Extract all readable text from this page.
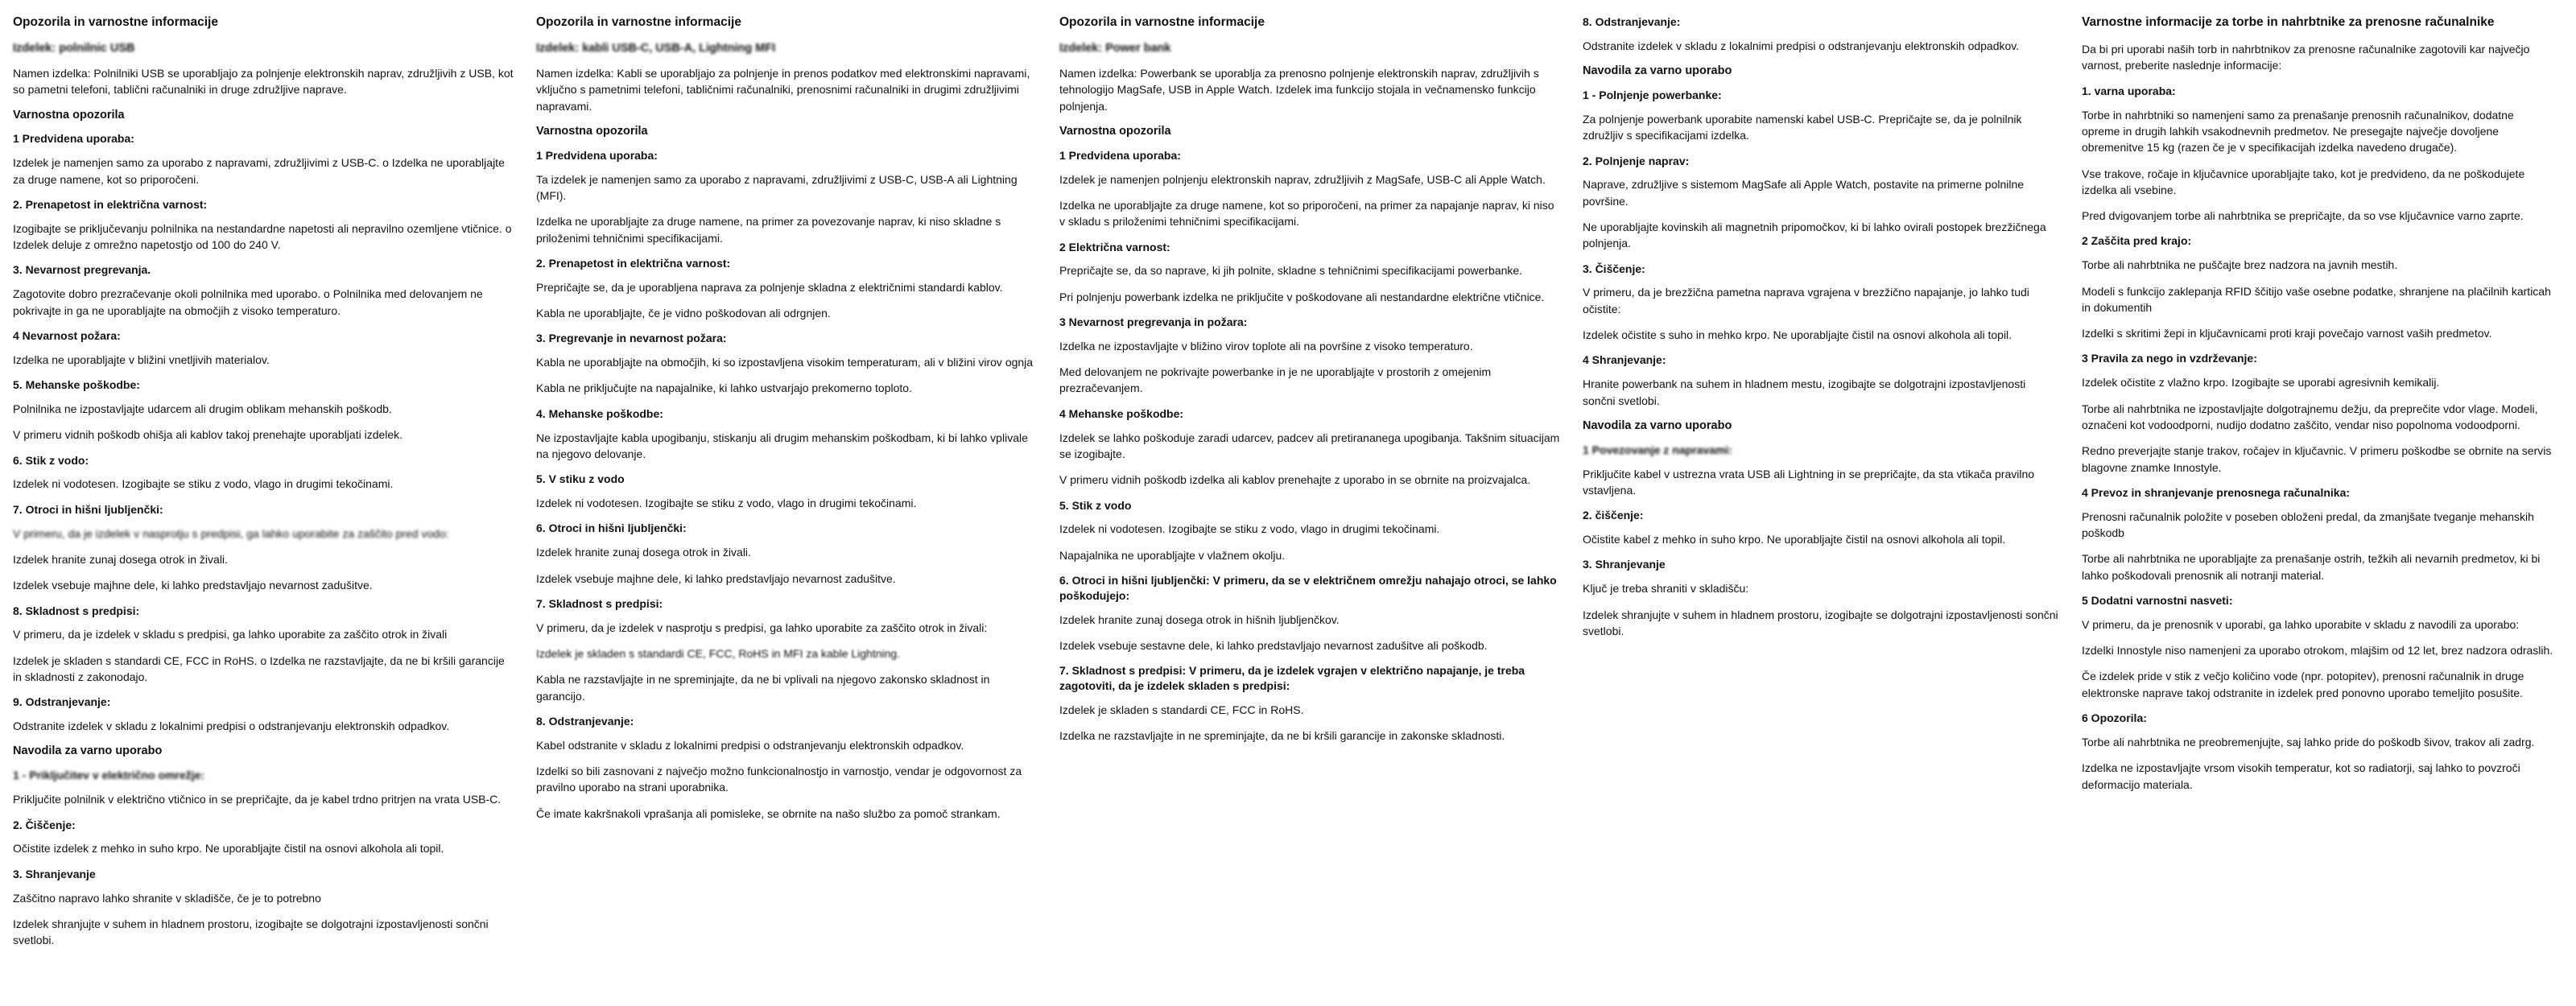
Opozorila in varnostne informacije
Izdelek: polnilnic USB

Namen izdelka: Polnilniki USB se uporabljajo za polnjenje elektronskih naprav, združljivih z USB, kot so pametni telefoni, tablični računalniki in druge združljive naprave.

Varnostna opozorila
1 Predvidena uporaba:

Izdelek je namenjen samo za uporabo z napravami, združljivimi z USB-C. o Izdelka ne uporabljajte za druge namene, kot so priporočeni.

2. Prenapetost in električna varnost:

Izogibajte se priključevanju polnilnika na nestandardne napetosti ali nepravilno ozemljene vtičnice. o Izdelek deluje z omrežno napetostjo od 100 do 240 V.

3. Nevarnost pregrevanja.

Zagotovite dobro prezračevanje okoli polnilnika med uporabo. o Polnilnika med delovanjem ne pokrivajte in ga ne uporabljajte na območjih z visoko temperaturo.

4 Nevarnost požara:

Izdelka ne uporabljajte v bližini vnetljivih materialov.

5. Mehanske poškodbe:

Polnilnika ne izpostavljajte udarcem ali drugim oblikam mehanskih poškodb.

V primeru vidnih poškodb ohišja ali kablov takoj prenehajte uporabljati izdelek.

6. Stik z vodo:

Izdelek ni vodotesen. Izogibajte se stiku z vodo, vlago in drugimi tekočinami.

7. Otroci in hišni ljubljenčki:

V primeru, da je izdelek v nasprotju s predpisi, ga lahko uporabite za zaščito pred vodo:

Izdelek hranite zunaj dosega otrok in živali.

Izdelek vsebuje majhne dele, ki lahko predstavljajo nevarnost zadušitve.

8. Skladnost s predpisi:

V primeru, da je izdelek v skladu s predpisi, ga lahko uporabite za zaščito otrok in živali

Izdelek je skladen s standardi CE, FCC in RoHS. o Izdelka ne razstavljajte, da ne bi kršili garancije in skladnosti z zakonodajo.

9. Odstranjevanje:

Odstranite izdelek v skladu z lokalnimi predpisi o odstranjevanju elektronskih odpadkov.

Navodila za varno uporabo
1 - Priključitev v električno omrežje:

Priključite polnilnik v električno vtičnico in se prepričajte, da je kabel trdno pritrjen na vrata USB-C.

2. Čiščenje:

Očistite izdelek z mehko in suho krpo. Ne uporabljajte čistil na osnovi alkohola ali topil.

3. Shranjevanje

Zaščitno napravo lahko shranite v skladišče, če je to potrebno

Izdelek shranjujte v suhem in hladnem prostoru, izogibajte se dolgotrajni izpostavljenosti sončni svetlobi.

Opozorila in varnostne informacije
Izdelek: kabli USB-C, USB-A, Lightning MFI

Namen izdelka: Kabli se uporabljajo za polnjenje in prenos podatkov med elektronskimi napravami, vključno s pametnimi telefoni, tabličnimi računalniki, prenosnimi računalniki in drugimi združljivimi napravami.

Varnostna opozorila
1 Predvidena uporaba:

Ta izdelek je namenjen samo za uporabo z napravami, združljivimi z USB-C, USB-A ali Lightning (MFI).

Izdelka ne uporabljajte za druge namene, na primer za povezovanje naprav, ki niso skladne s priloženimi tehničnimi specifikacijami.

2. Prenapetost in električna varnost:

Prepričajte se, da je uporabljena naprava za polnjenje skladna z električnimi standardi kablov.

Kabla ne uporabljajte, če je vidno poškodovan ali odrgnjen.

3. Pregrevanje in nevarnost požara:

Kabla ne uporabljajte na območjih, ki so izpostavljena visokim temperaturam, ali v bližini virov ognja

Kabla ne priključujte na napajalnike, ki lahko ustvarjajo prekomerno toploto.

4. Mehanske poškodbe:

Ne izpostavljajte kabla upogibanju, stiskanju ali drugim mehanskim poškodbam, ki bi lahko vplivale na njegovo delovanje.

5. V stiku z vodo

Izdelek ni vodotesen. Izogibajte se stiku z vodo, vlago in drugimi tekočinami.

6. Otroci in hišni ljubljenčki:

Izdelek hranite zunaj dosega otrok in živali.

Izdelek vsebuje majhne dele, ki lahko predstavljajo nevarnost zadušitve.

7. Skladnost s predpisi:

V primeru, da je izdelek v nasprotju s predpisi, ga lahko uporabite za zaščito otrok in živali:

Izdelek je skladen s standardi CE, FCC, RoHS in MFI za kable Lightning.

Kabla ne razstavljajte in ne spreminjajte, da ne bi vplivali na njegovo zakonsko skladnost in garancijo.

8. Odstranjevanje:

Kabel odstranite v skladu z lokalnimi predpisi o odstranjevanju elektronskih odpadkov.

Izdelki so bili zasnovani z največjo možno funkcionalnostjo in varnostjo, vendar je odgovornost za pravilno uporabo na strani uporabnika.

Če imate kakršnakoli vprašanja ali pomisleke, se obrnite na našo službo za pomoč strankam.

Opozorila in varnostne informacije
Izdelek: Power bank

Namen izdelka: Powerbank se uporablja za prenosno polnjenje elektronskih naprav, združljivih s tehnologijo MagSafe, USB in Apple Watch. Izdelek ima funkcijo stojala in večnamensko funkcijo polnjenja.

Varnostna opozorila
1 Predvidena uporaba:

Izdelek je namenjen polnjenju elektronskih naprav, združljivih z MagSafe, USB-C ali Apple Watch.

Izdelka ne uporabljajte za druge namene, kot so priporočeni, na primer za napajanje naprav, ki niso v skladu s priloženimi tehničnimi specifikacijami.

2 Električna varnost:

Prepričajte se, da so naprave, ki jih polnite, skladne s tehničnimi specifikacijami powerbanke.

Pri polnjenju powerbank izdelka ne priključite v poškodovane ali nestandardne električne vtičnice.

3 Nevarnost pregrevanja in požara:

Izdelka ne izpostavljajte v bližino virov toplote ali na površine z visoko temperaturo.

Med delovanjem ne pokrivajte powerbanke in je ne uporabljajte v prostorih z omejenim prezračevanjem.

4 Mehanske poškodbe:

Izdelek se lahko poškoduje zaradi udarcev, padcev ali pretirananega upogibanja. Takšnim situacijam se izogibajte.

V primeru vidnih poškodb izdelka ali kablov prenehajte z uporabo in se obrnite na proizvajalca.

5. Stik z vodo

Izdelek ni vodotesen. Izogibajte se stiku z vodo, vlago in drugimi tekočinami.

Napajalnika ne uporabljajte v vlažnem okolju.

6. Otroci in hišni ljubljenčki: V primeru, da se v električnem omrežju nahajajo otroci, se lahko poškodujejo:

Izdelek hranite zunaj dosega otrok in hišnih ljubljenčkov.

Izdelek vsebuje sestavne dele, ki lahko predstavljajo nevarnost zadušitve ali poškodb.

7. Skladnost s predpisi: V primeru, da je izdelek vgrajen v električno napajanje, je treba zagotoviti, da je izdelek skladen s predpisi:

Izdelek je skladen s standardi CE, FCC in RoHS.

Izdelka ne razstavljajte in ne spreminjajte, da ne bi kršili garancije in zakonske skladnosti.

8. Odstranjevanje:

Odstranite izdelek v skladu z lokalnimi predpisi o odstranjevanju elektronskih odpadkov.

Navodila za varno uporabo
1 - Polnjenje powerbanke:

Za polnjenje powerbank uporabite namenski kabel USB-C. Prepričajte se, da je polnilnik združljiv s specifikacijami izdelka.

2. Polnjenje naprav:

Naprave, združljive s sistemom MagSafe ali Apple Watch, postavite na primerne polnilne površine.

Ne uporabljajte kovinskih ali magnetnih pripomočkov, ki bi lahko ovirali postopek brezžičnega polnjenja.

3. Čiščenje:

V primeru, da je brezžična pametna naprava vgrajena v brezžično napajanje, jo lahko tudi očistite:

Izdelek očistite s suho in mehko krpo. Ne uporabljajte čistil na osnovi alkohola ali topil.

4 Shranjevanje:

Hranite powerbank na suhem in hladnem mestu, izogibajte se dolgotrajni izpostavljenosti sončni svetlobi.

Navodila za varno uporabo
1 Povezovanje z napravami:

Priključite kabel v ustrezna vrata USB ali Lightning in se prepričajte, da sta vtikača pravilno vstavljena.

2. čiščenje:

Očistite kabel z mehko in suho krpo. Ne uporabljajte čistil na osnovi alkohola ali topil.

3. Shranjevanje

Ključ je treba shraniti v skladišču:

Izdelek shranjujte v suhem in hladnem prostoru, izogibajte se dolgotrajni izpostavljenosti sončni svetlobi.

Varnostne informacije za torbe in nahrbtnike za prenosne računalnike

Da bi pri uporabi naših torb in nahrbtnikov za prenosne računalnike zagotovili kar največjo varnost, preberite naslednje informacije:

1. varna uporaba:

Torbe in nahrbtniki so namenjeni samo za prenašanje prenosnih računalnikov, dodatne opreme in drugih lahkih vsakodnevnih predmetov. Ne presegajte največje dovoljene obremenitve 15 kg (razen če je v specifikacijah izdelka navedeno drugače).

Vse trakove, ročaje in ključavnice uporabljajte tako, kot je predvideno, da ne poškodujete izdelka ali vsebine.

Pred dvigovanjem torbe ali nahrbtnika se prepričajte, da so vse ključavnice varno zaprte.

2 Zaščita pred krajo:

Torbe ali nahrbtnika ne puščajte brez nadzora na javnih mestih.

Modeli s funkcijo zaklepanja RFID ščitijo vaše osebne podatke, shranjene na plačilnih karticah in dokumentih

Izdelki s skritimi žepi in ključavnicami proti kraji povečajo varnost vaših predmetov.

3 Pravila za nego in vzdrževanje:

Izdelek očistite z vlažno krpo. Izogibajte se uporabi agresivnih kemikalij.

Torbe ali nahrbtnika ne izpostavljajte dolgotrajnemu dežju, da preprečite vdor vlage. Modeli, označeni kot vodoodporni, nudijo dodatno zaščito, vendar niso popolnoma vodoodporni.

Redno preverjajte stanje trakov, ročajev in ključavnic. V primeru poškodbe se obrnite na servis blagovne znamke Innostyle.

4 Prevoz in shranjevanje prenosnega računalnika:

Prenosni računalnik položite v poseben obloženi predal, da zmanjšate tveganje mehanskih poškodb

Torbe ali nahrbtnika ne uporabljajte za prenašanje ostrih, težkih ali nevarnih predmetov, ki bi lahko poškodovali prenosnik ali notranji material.

5 Dodatni varnostni nasveti:

V primeru, da je prenosnik v uporabi, ga lahko uporabite v skladu z navodili za uporabo:

Izdelki Innostyle niso namenjeni za uporabo otrokom, mlajšim od 12 let, brez nadzora odraslih.

Če izdelek pride v stik z večjo količino vode (npr. potopitev), prenosni računalnik in druge elektronske naprave takoj odstranite in izdelek pred ponovno uporabo temeljito posušite.

6 Opozorila:

Torbe ali nahrbtnika ne preobremenjujte, saj lahko pride do poškodb šivov, trakov ali zadrg.

Izdelka ne izpostavljajte vrsom visokih temperatur, kot so radiatorji, saj lahko to povzroči deformacijo materiala.
